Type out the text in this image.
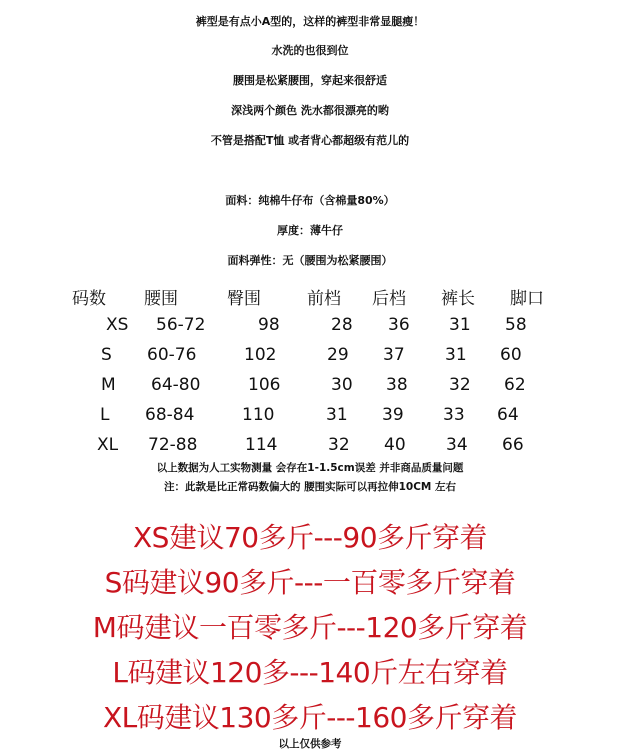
裤型是有点小A型的，这样的裤型非常显腿瘦！
水洗的也很到位
腰围是松紧腰围，穿起来很舒适
深浅两个颜色 洗水都很漂亮的哟
不管是搭配T恤 或者背心都超级有范儿的
面料：纯棉牛仔布（含棉量80%）
厚度：薄牛仔
面料弹性：无（腰围为松紧腰围）
码数 腰围	臀围	前档 后档 裤长 脚口
XS 56-72	98	28 36 31 58
S 60-76	102	29 37 31 60
M 64-80	106	30 38 32 62
L 68-84	110	31 39 33 64
XL 72-88	114	32 40 34 66
以上数据为人工实物测量 会存在1-1.5cm误差 并非商品质量问题
注：此款是比正常码数偏大的 腰围实际可以再拉伸10CM 左右
XS建议70多斤---90多斤穿着
S码建议90多斤---一百零多斤穿着
M码建议一百零多斤---120多斤穿着
L码建议120多---140斤左右穿着
XL码建议130多斤---160多斤穿着
以上仅供参考
